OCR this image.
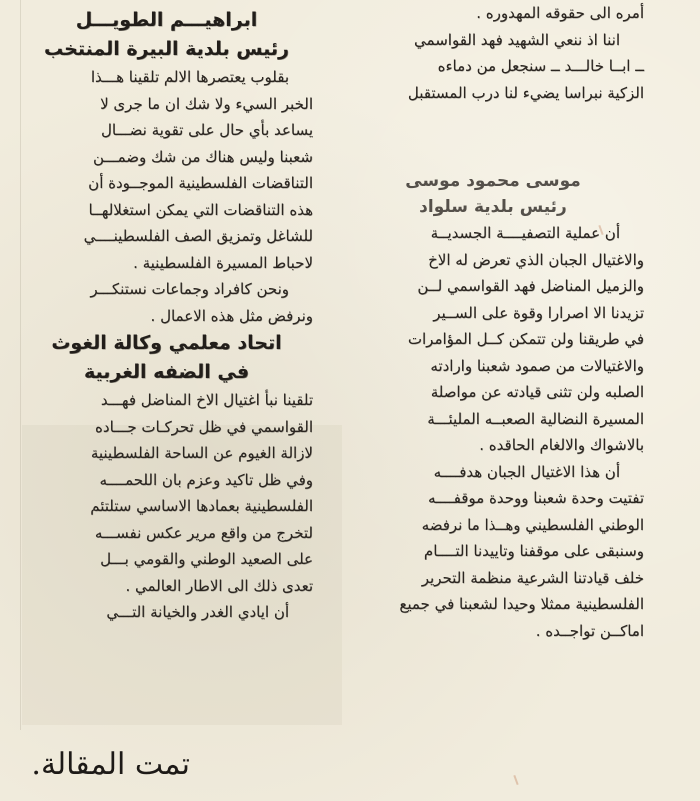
أمره الى حقوقه المهدوره .
اننا اذ ننعي الشهيد فهد القواسمي
ــ ابــا خالـــد ــ سنجعل من دماءه
الزكية نبراسا يضيء لنا درب المستقبل
موسى محمود موسى
رئيس بلدية سلواد
أن عملية التصفيــــة الجسديــة
والاغتيال الجبان الذي تعرض له الاخ
والزميل المناضل فهد القواسمي لــن
تزيدنا الا اصرارا وقوة على الســير
في طريقنا ولن تتمكن كــل المؤامرات
والاغتيالات من صمود شعبنا وارادته
الصلبه ولن تثنى قيادته عن مواصلة
المسيرة النضالية الصعبــه المليئـــة
بالاشواك والالغام الحاقده .
أن هذا الاغتيال الجبان هدفــــه
تفتيت وحدة شعبنا ووحدة موقفــــه
الوطني الفلسطيني وهــذا ما نرفضه
وسنبقى على موقفنا وتاييدنا التــــام
خلف قيادتنا الشرعية منظمة التحرير
الفلسطينية ممثلا وحيدا لشعبنا في جميع
اماكــن تواجــده .
ابراهيـــم الطويـــل
رئيس بلدية البيرة المنتخب
بقلوب يعتصرها الالم تلقينا هـــذا
الخبر السيء ولا شك ان ما جرى لا
يساعد بأي حال على تقوية نضـــال
شعبنا وليس هناك من شك وضمـــن
التناقضات الفلسطينية الموجــودة أن
هذه التناقضات التي يمكن استغلالهــا
للشاغل وتمزيق الصف الفلسطينــــي
لاحباط المسيرة الفلسطينية .
ونحن كافراد وجماعات نستنكـــر
ونرفض مثل هذه الاعمال .
اتحاد معلمي وكالة الغوث
في الضفه الغربية
تلقينا نبأ اغتيال الاخ المناضل فهـــد
القواسمي في ظل تحركـات جـــاده
لازالة الغيوم عن الساحة الفلسطينية
وفي ظل تاكيد وعزم بان اللحمــــه
الفلسطينية بعمادها الاساسي ستلتئم
لتخرج من واقع مرير عكس نفســـه
على الصعيد الوطني والقومي بـــل
تعدى ذلك الى الاطار العالمي .
أن ايادي الغدر والخيانة التـــي
تمت المقالة.
